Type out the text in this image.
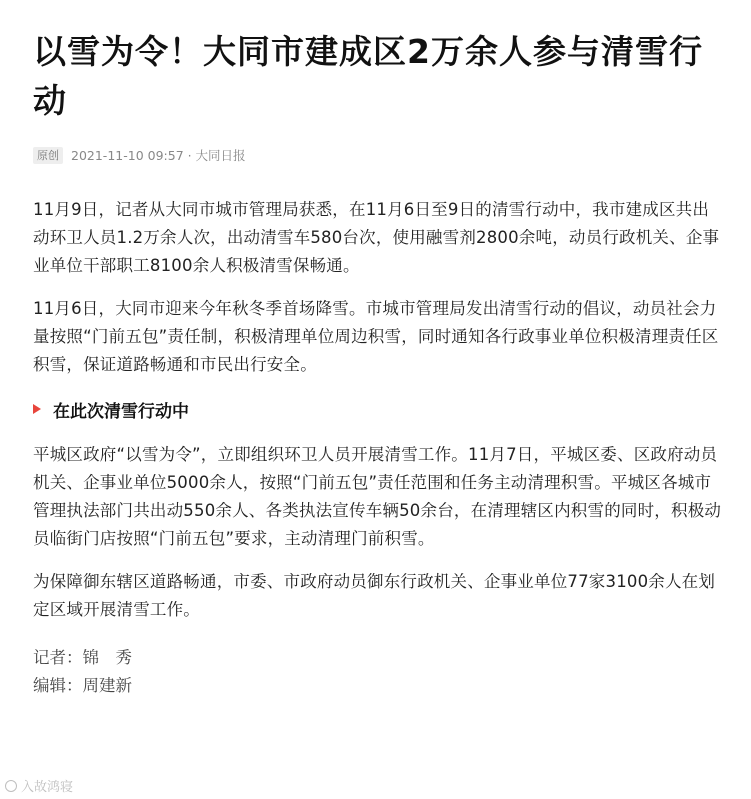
以雪为令！大同市建成区2万余人参与清雪行动
原创 2021-11-10 09:57 · 大同日报

11月9日，记者从大同市城市管理局获悉，在11月6日至9日的清雪行动中，我市建成区共出动环卫人员1.2万余人次，出动清雪车580台次，使用融雪剂2800余吨，动员行政机关、企事业单位干部职工8100余人积极清雪保畅通。

11月6日，大同市迎来今年秋冬季首场降雪。市城市管理局发出清雪行动的倡议，动员社会力量按照“门前五包”责任制，积极清理单位周边积雪，同时通知各行政事业单位积极清理责任区积雪，保证道路畅通和市民出行安全。

在此次清雪行动中

平城区政府“以雪为令”，立即组织环卫人员开展清雪工作。11月7日，平城区委、区政府动员机关、企事业单位5000余人，按照“门前五包”责任范围和任务主动清理积雪。平城区各城市管理执法部门共出动550余人、各类执法宣传车辆50余台，在清理辖区内积雪的同时，积极动员临街门店按照“门前五包”要求，主动清理门前积雪。

为保障御东辖区道路畅通，市委、市政府动员御东行政机关、企事业单位77家3100余人在划定区域开展清雪工作。

记者：锦　秀
编辑：周建新
入故鸿寝
